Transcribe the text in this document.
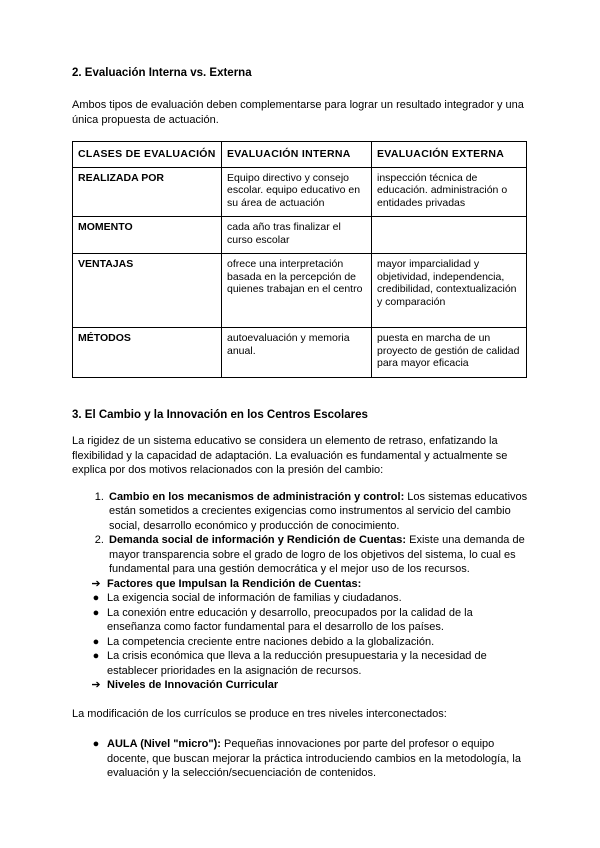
2. Evaluación Interna vs. Externa

Ambos tipos de evaluación deben complementarse para lograr un resultado integrador y una única propuesta de actuación.

CLASES DE EVALUACIÓN	EVALUACIÓN INTERNA	EVALUACIÓN EXTERNA
REALIZADA POR	Equipo directivo y consejo escolar. equipo educativo en su área de actuación	inspección técnica de educación. administración o entidades privadas
MOMENTO	cada año tras finalizar el curso escolar	
VENTAJAS	ofrece una interpretación basada en la percepción de quienes trabajan en el centro	mayor imparcialidad y objetividad, independencia, credibilidad, contextualización y comparación
MÉTODOS	autoevaluación y memoria anual.	puesta en marcha de un proyecto de gestión de calidad para mayor eficacia
3. El Cambio y la Innovación en los Centros Escolares

La rigidez de un sistema educativo se considera un elemento de retraso, enfatizando la flexibilidad y la capacidad de adaptación. La evaluación es fundamental y actualmente se explica por dos motivos relacionados con la presión del cambio:

1. Cambio en los mecanismos de administración y control: Los sistemas educativos están sometidos a crecientes exigencias como instrumentos al servicio del cambio social, desarrollo económico y producción de conocimiento.
2. Demanda social de información y Rendición de Cuentas: Existe una demanda de mayor transparencia sobre el grado de logro de los objetivos del sistema, lo cual es fundamental para una gestión democrática y el mejor uso de los recursos.
➔ Factores que Impulsan la Rendición de Cuentas:
● La exigencia social de información de familias y ciudadanos.
● La conexión entre educación y desarrollo, preocupados por la calidad de la enseñanza como factor fundamental para el desarrollo de los países.
● La competencia creciente entre naciones debido a la globalización.
● La crisis económica que lleva a la reducción presupuestaria y la necesidad de establecer prioridades en la asignación de recursos.
➔ Niveles de Innovación Curricular

La modificación de los currículos se produce en tres niveles interconectados:

● AULA (Nivel "micro"): Pequeñas innovaciones por parte del profesor o equipo docente, que buscan mejorar la práctica introduciendo cambios en la metodología, la evaluación y la selección/secuenciación de contenidos.
